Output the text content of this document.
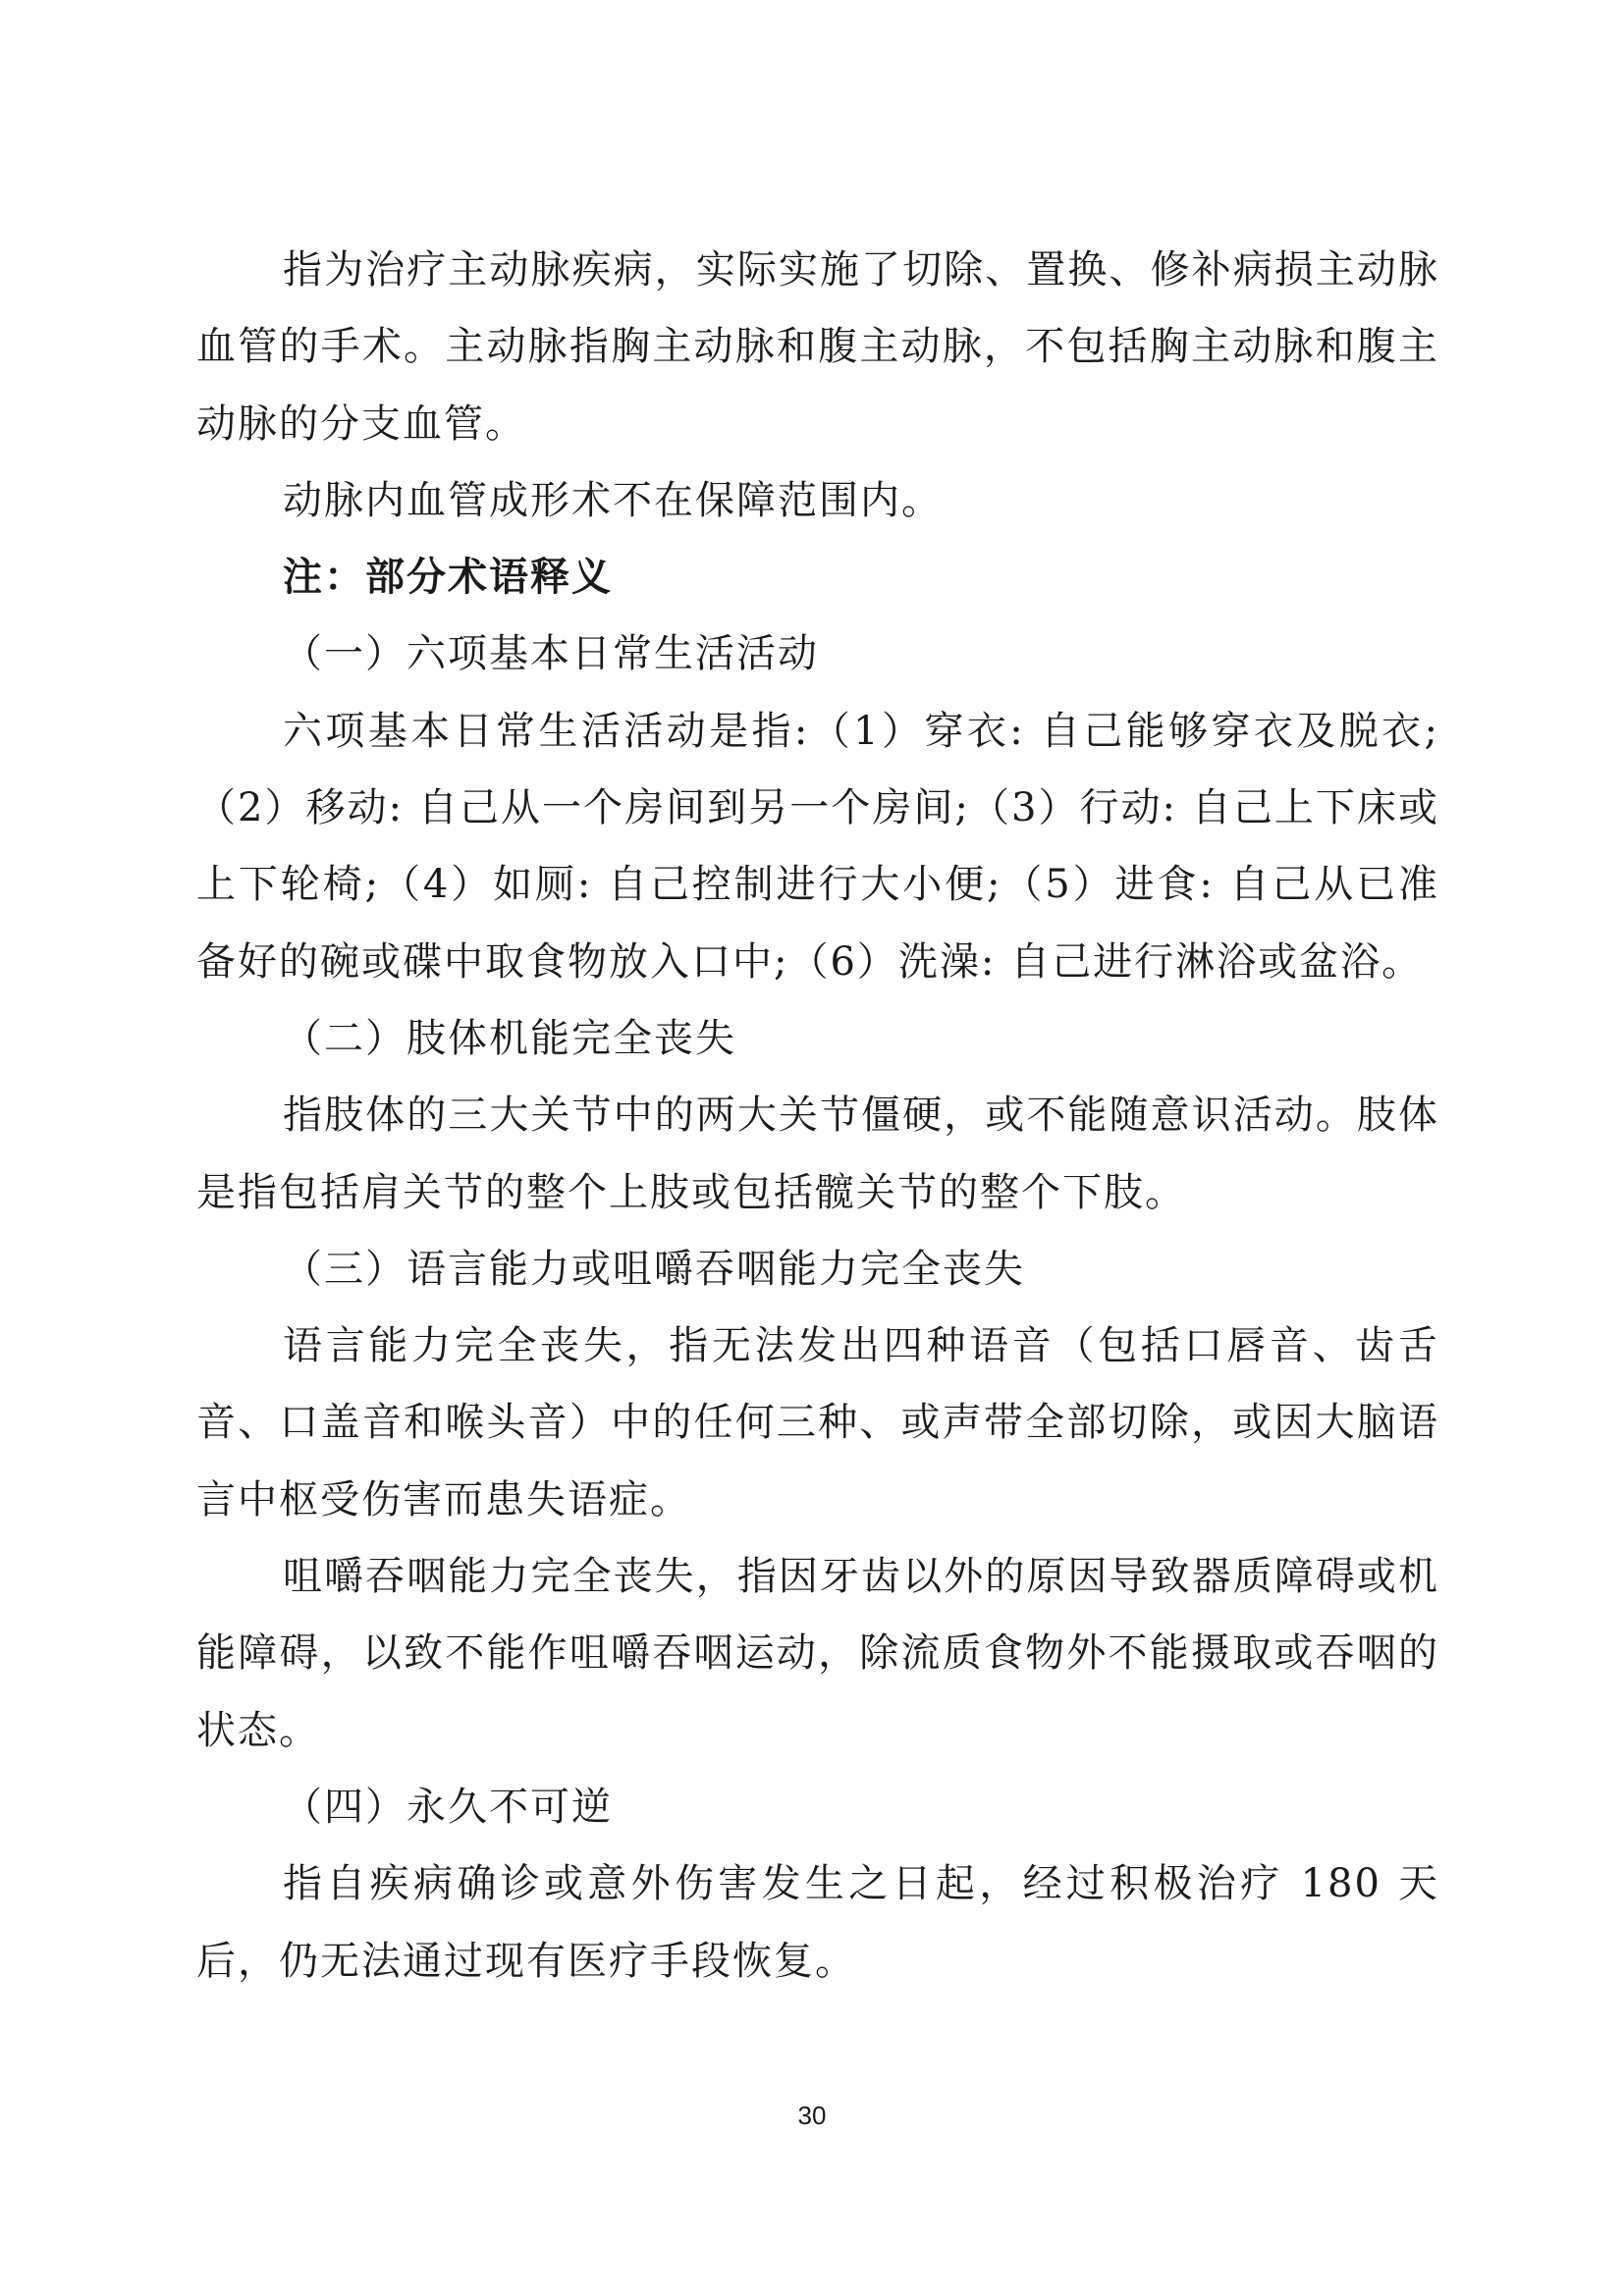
指为治疗主动脉疾病，实际实施了切除、置换、修补病损主动脉血管的手术。主动脉指胸主动脉和腹主动脉，不包括胸主动脉和腹主动脉的分支血管。

动脉内血管成形术不在保障范围内。

注：部分术语释义

（一）六项基本日常生活活动

六项基本日常生活活动是指:（1）穿衣: 自己能够穿衣及脱衣;（2）移动: 自己从一个房间到另一个房间;（3）行动: 自己上下床或上下轮椅;（4）如厕: 自己控制进行大小便;（5）进食: 自己从已准备好的碗或碟中取食物放入口中;（6）洗澡: 自己进行淋浴或盆浴。

（二）肢体机能完全丧失

指肢体的三大关节中的两大关节僵硬，或不能随意识活动。肢体是指包括肩关节的整个上肢或包括髋关节的整个下肢。

（三）语言能力或咀嚼吞咽能力完全丧失

语言能力完全丧失，指无法发出四种语音（包括口唇音、齿舌音、口盖音和喉头音）中的任何三种、或声带全部切除，或因大脑语言中枢受伤害而患失语症。

咀嚼吞咽能力完全丧失，指因牙齿以外的原因导致器质障碍或机能障碍，以致不能作咀嚼吞咽运动，除流质食物外不能摄取或吞咽的状态。

（四）永久不可逆

指自疾病确诊或意外伤害发生之日起，经过积极治疗 180 天后，仍无法通过现有医疗手段恢复。

30
